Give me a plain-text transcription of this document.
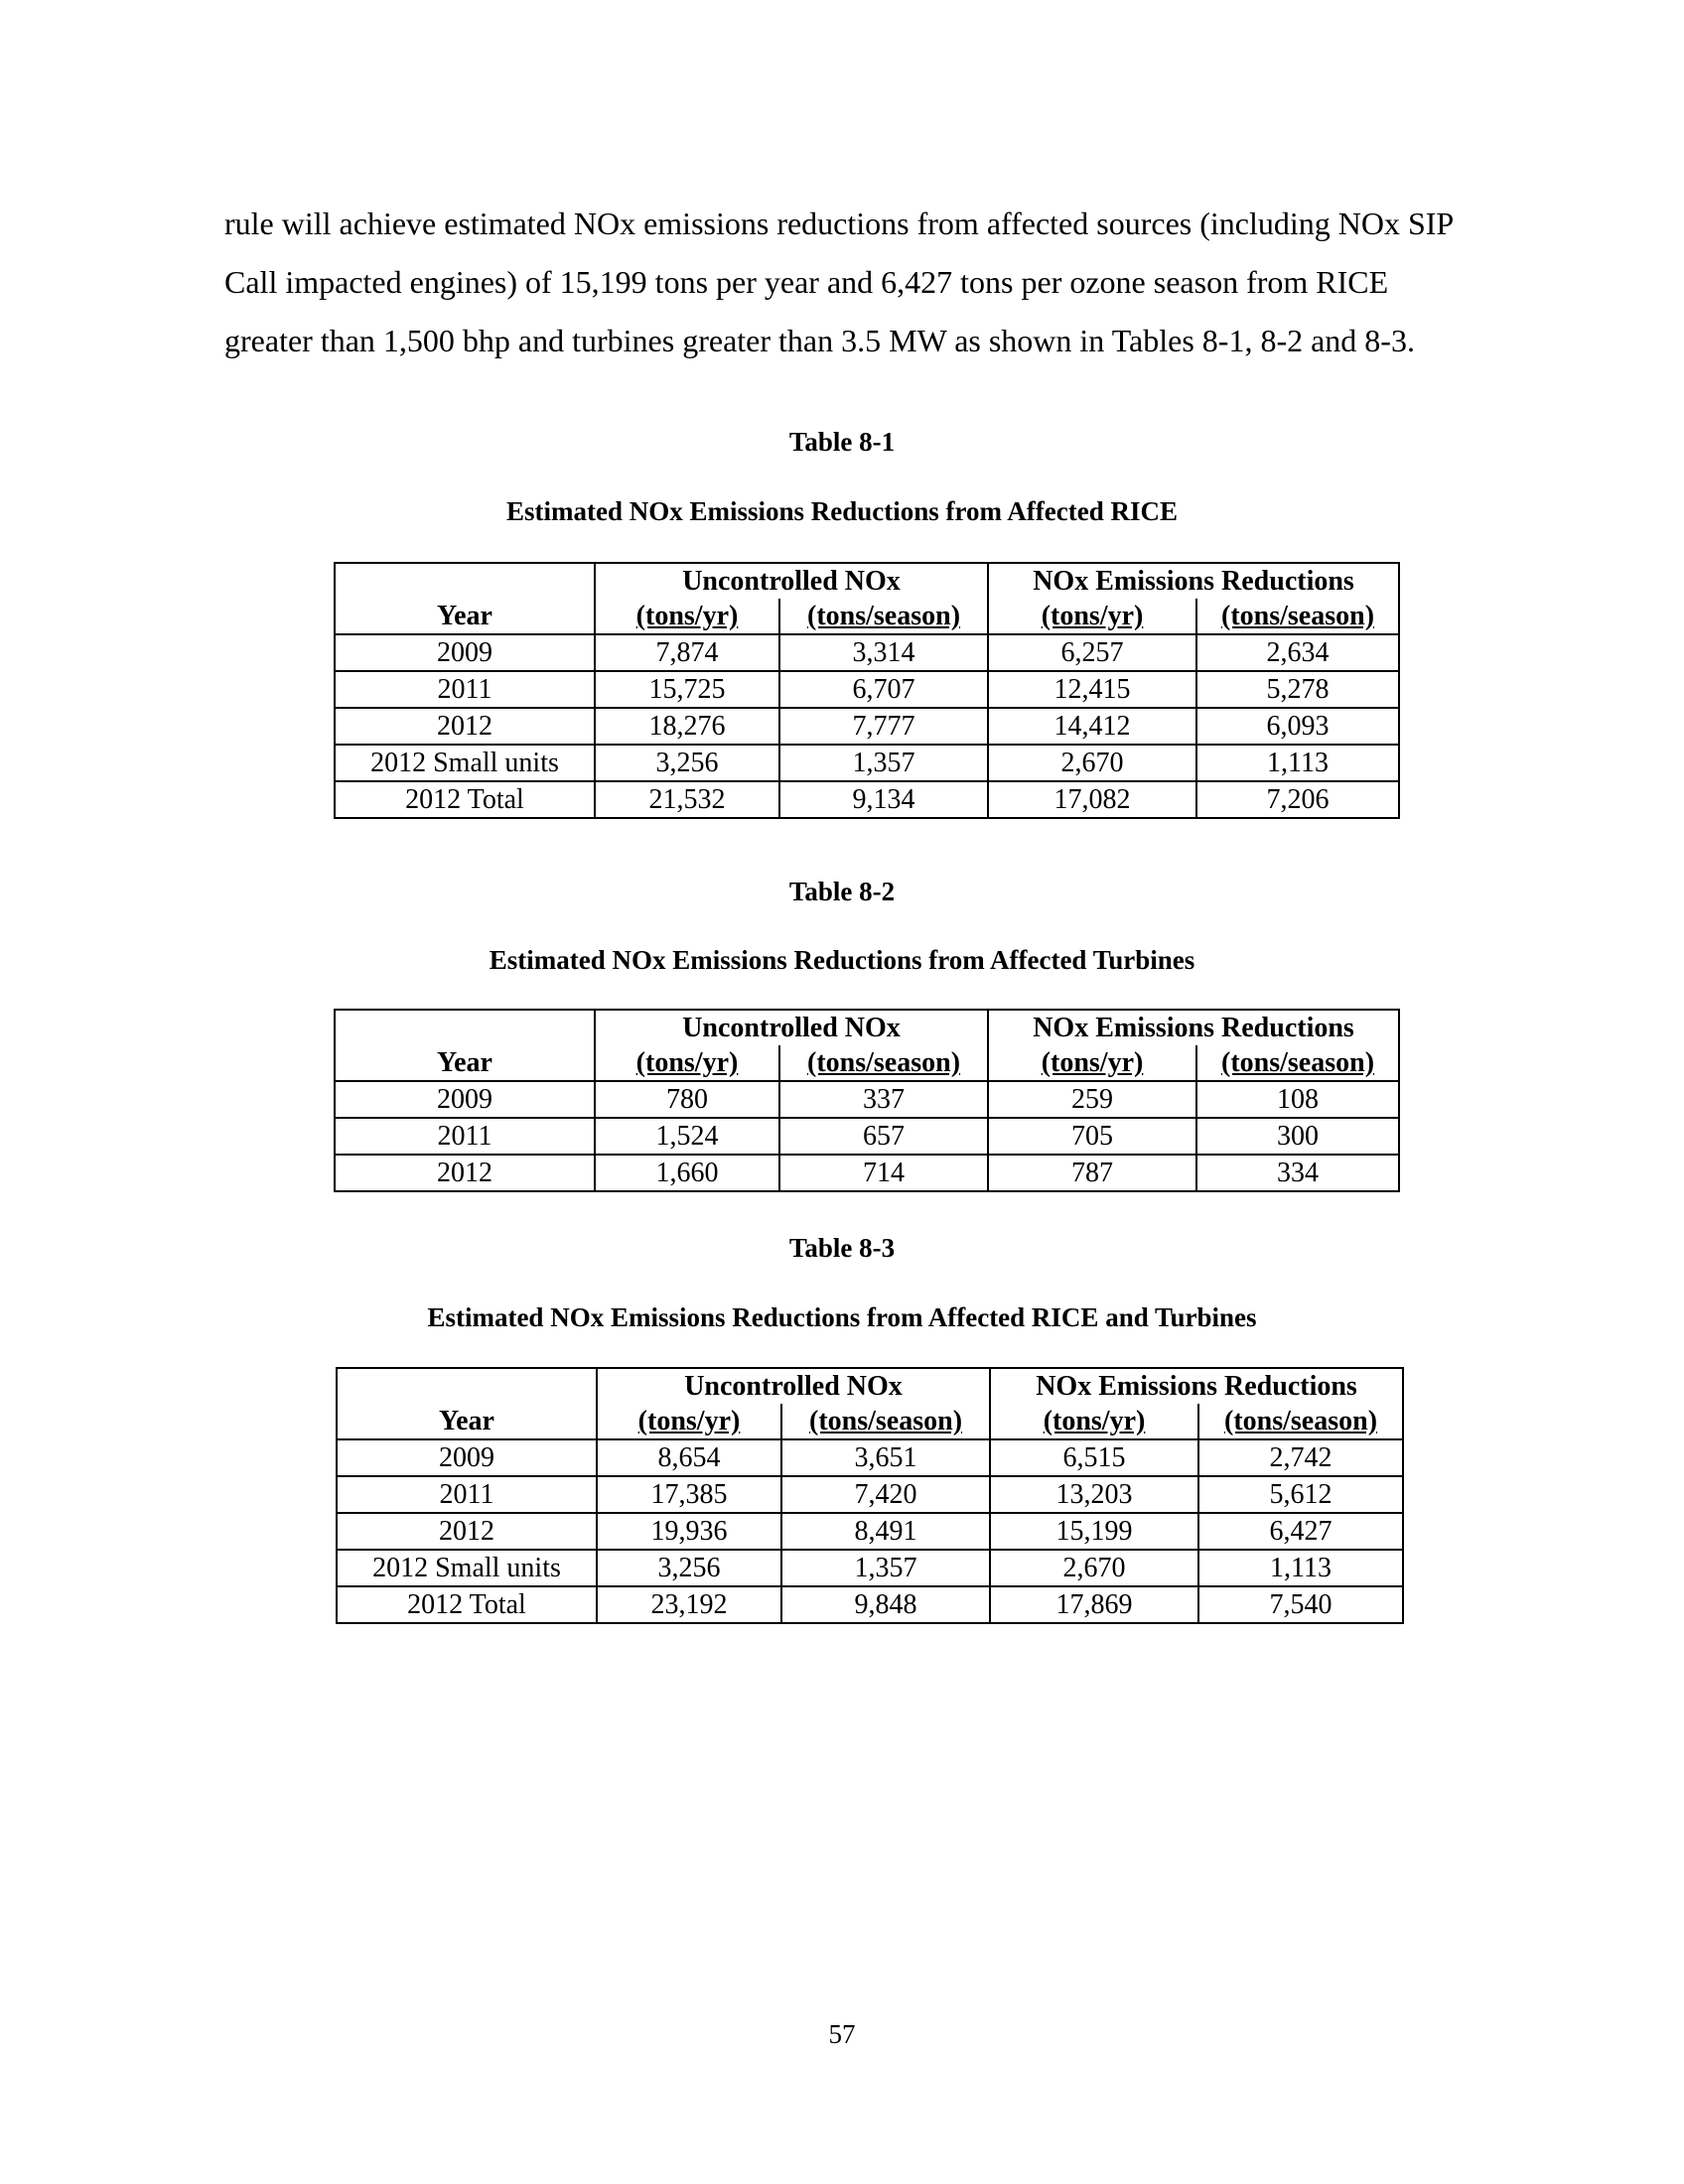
rule will achieve estimated NOx emissions reductions from affected sources (including NOx SIP
Call impacted engines) of 15,199 tons per year and 6,427 tons per ozone season from RICE
greater than 1,500 bhp and turbines greater than 3.5 MW as shown in Tables 8-1, 8-2 and 8-3.

Table 8-1

Estimated NOx Emissions Reductions from Affected RICE

	Uncontrolled NOx		NOx Emissions Reductions	
Year	(tons/yr)	(tons/season)	(tons/yr)	(tons/season)
2009	7,874	3,314	6,257	2,634
2011	15,725	6,707	12,415	5,278
2012	18,276	7,777	14,412	6,093
2012 Small units	3,256	1,357	2,670	1,113
2012 Total	21,532	9,134	17,082	7,206

Table 8-2

Estimated NOx Emissions Reductions from Affected Turbines

	Uncontrolled NOx		NOx Emissions Reductions	
Year	(tons/yr)	(tons/season)	(tons/yr)	(tons/season)
2009	780	337	259	108
2011	1,524	657	705	300
2012	1,660	714	787	334

Table 8-3

Estimated NOx Emissions Reductions from Affected RICE and Turbines

	Uncontrolled NOx		NOx Emissions Reductions	
Year	(tons/yr)	(tons/season)	(tons/yr)	(tons/season)
2009	8,654	3,651	6,515	2,742
2011	17,385	7,420	13,203	5,612
2012	19,936	8,491	15,199	6,427
2012 Small units	3,256	1,357	2,670	1,113
2012 Total	23,192	9,848	17,869	7,540

57
